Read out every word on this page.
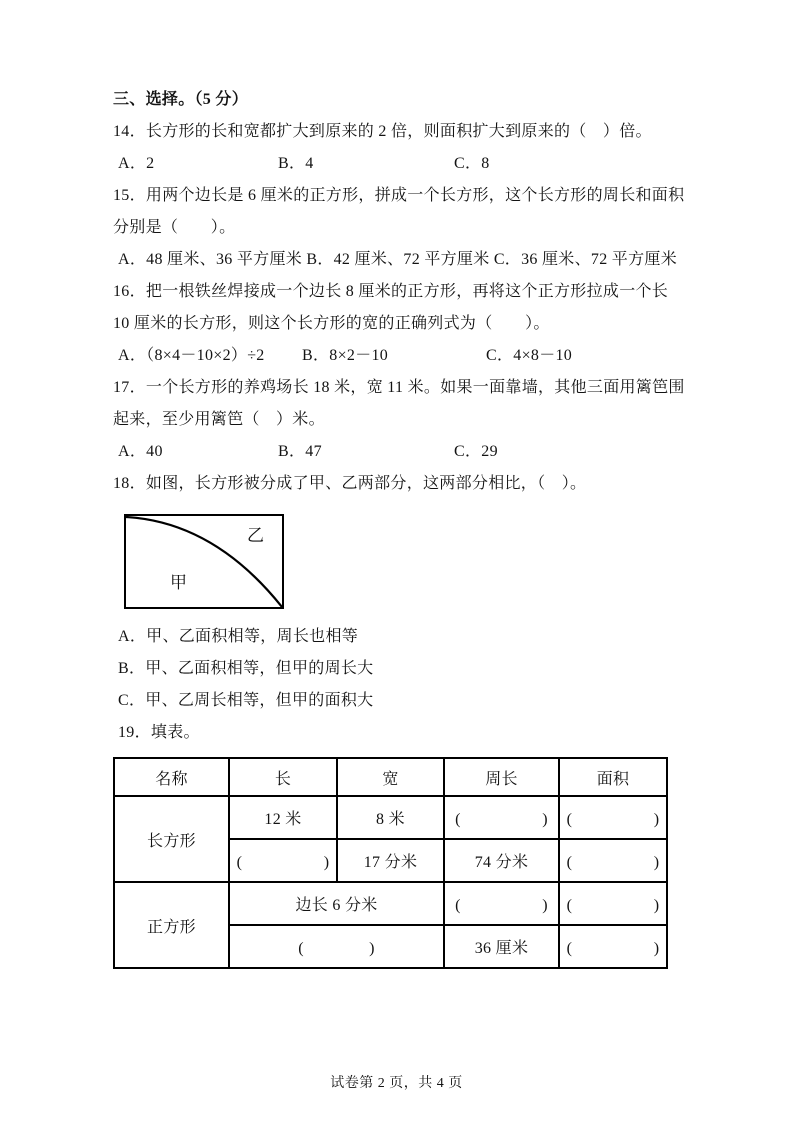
三、选择。（5 分）
14．长方形的长和宽都扩大到原来的 2 倍，则面积扩大到原来的（　）倍。
A．2	B．4	C．8
15．用两个边长是 6 厘米的正方形，拼成一个长方形，这个长方形的周长和面积
分别是（　　）。
A．48 厘米、36 平方厘米 B．42 厘米、72 平方厘米 C．36 厘米、72 平方厘米
16．把一根铁丝焊接成一个边长 8 厘米的正方形，再将这个正方形拉成一个长
10 厘米的长方形，则这个长方形的宽的正确列式为（　　）。
A．（8×4－10×2）÷2	B．8×2－10	C．4×8－10
17．一个长方形的养鸡场长 18 米，宽 11 米。如果一面靠墙，其他三面用篱笆围
起来，至少用篱笆（　）米。
A．40	B．47	C．29
18．如图，长方形被分成了甲、乙两部分，这两部分相比，（　）。
甲
乙
A．甲、乙面积相等，周长也相等
B．甲、乙面积相等，但甲的周长大
C．甲、乙周长相等，但甲的面积大
19．填表。
名称	长	宽	周长	面积
长方形	12 米	8 米	(　　　　　)	(　　　　　)
	(　　　　　)	17 分米	74 分米	(　　　　　)
正方形	边长 6 分米		(　　　　　)	(　　　　　)
	(　　　　)		36 厘米	(　　　　　)
试卷第 2 页，共 4 页
